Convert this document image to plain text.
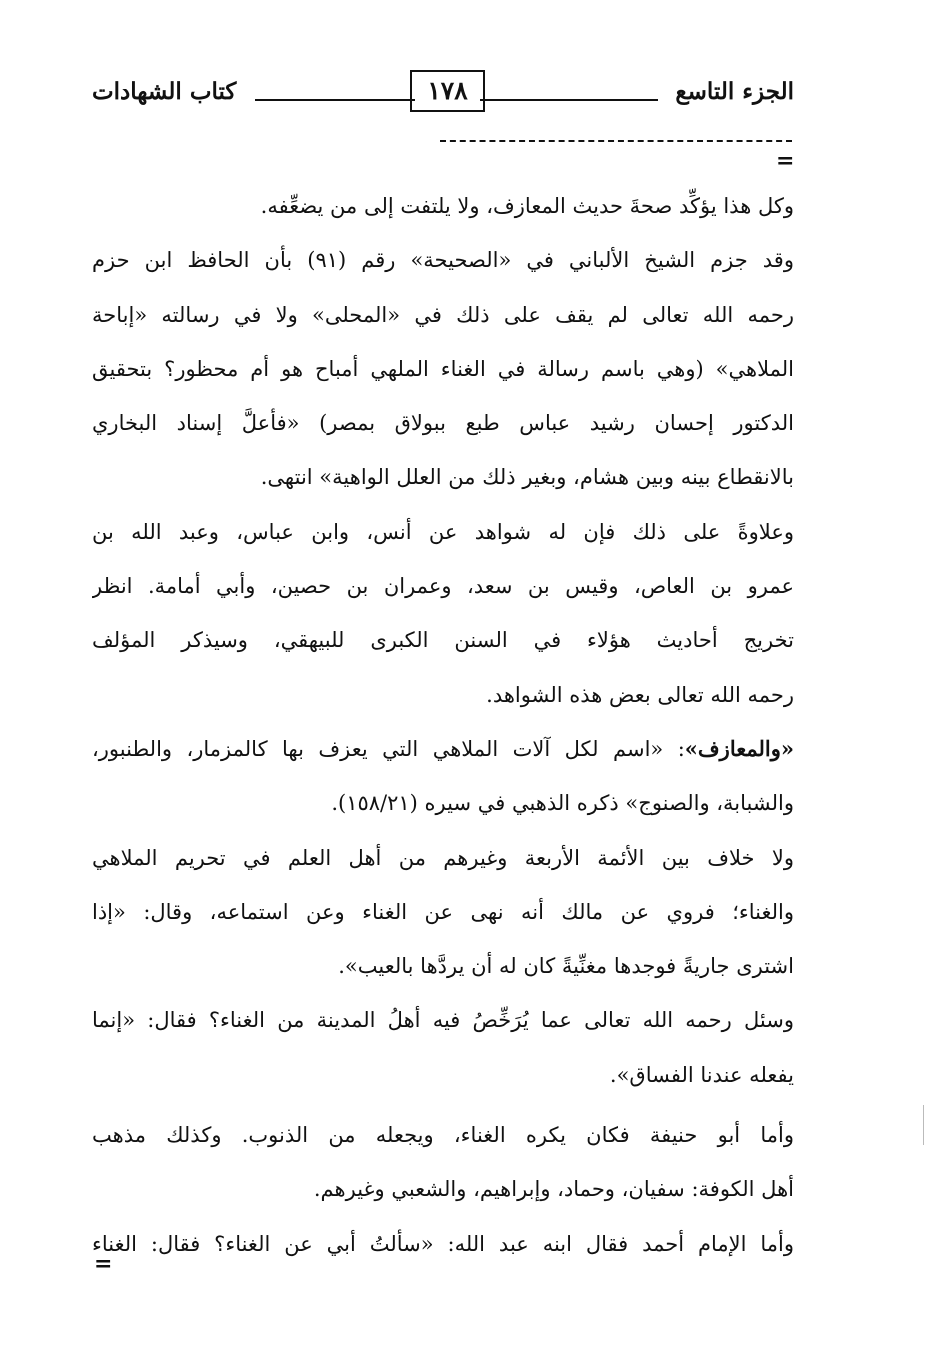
الجزء التاسع
١٧٨
كتاب الشهادات
=
وكل هذا يؤكِّد صحةَ حديث المعازف، ولا يلتفت إلى من يضعِّفه.
وقد جزم الشيخ الألباني في «الصحيحة» رقم (٩١) بأن الحافظ ابن حزم
رحمه الله تعالى لم يقف على ذلك في «المحلى» ولا في رسالته «إباحة
الملاهي» (وهي باسم رسالة في الغناء الملهي أمباح هو أم محظور؟ بتحقيق
الدكتور إحسان رشيد عباس طبع ببولاق بمصر) «فأعلَّ إسناد البخاري
بالانقطاع بينه وبين هشام، وبغير ذلك من العلل الواهية» انتهى.
وعلاوةً على ذلك فإن له شواهد عن أنس، وابن عباس، وعبد الله بن
عمرو بن العاص، وقيس بن سعد، وعمران بن حصين، وأبي أمامة. انظر
تخريج أحاديث هؤلاء في السنن الكبرى للبيهقي، وسيذكر المؤلف
رحمه الله تعالى بعض هذه الشواهد.
«والمعازف»: «اسم لكل آلات الملاهي التي يعزف بها كالمزمار، والطنبور،
والشبابة، والصنوج» ذكره الذهبي في سيره (١٥٨/٢١).
ولا خلاف بين الأئمة الأربعة وغيرهم من أهل العلم في تحريم الملاهي
والغناء؛ فروي عن مالك أنه نهى عن الغناء وعن استماعه، وقال: «إذا
اشترى جاريةً فوجدها مغنِّيةً كان له أن يردَّها بالعيب».
وسئل رحمه الله تعالى عما يُرَخِّصُ فيه أهلُ المدينة من الغناء؟ فقال: «إنما
يفعله عندنا الفساق».
وأما أبو حنيفة فكان يكره الغناء، ويجعله من الذنوب. وكذلك مذهب
أهل الكوفة: سفيان، وحماد، وإبراهيم، والشعبي وغيرهم.
وأما الإمام أحمد فقال ابنه عبد الله: «سألتُ أبي عن الغناء؟ فقال: الغناء
=
